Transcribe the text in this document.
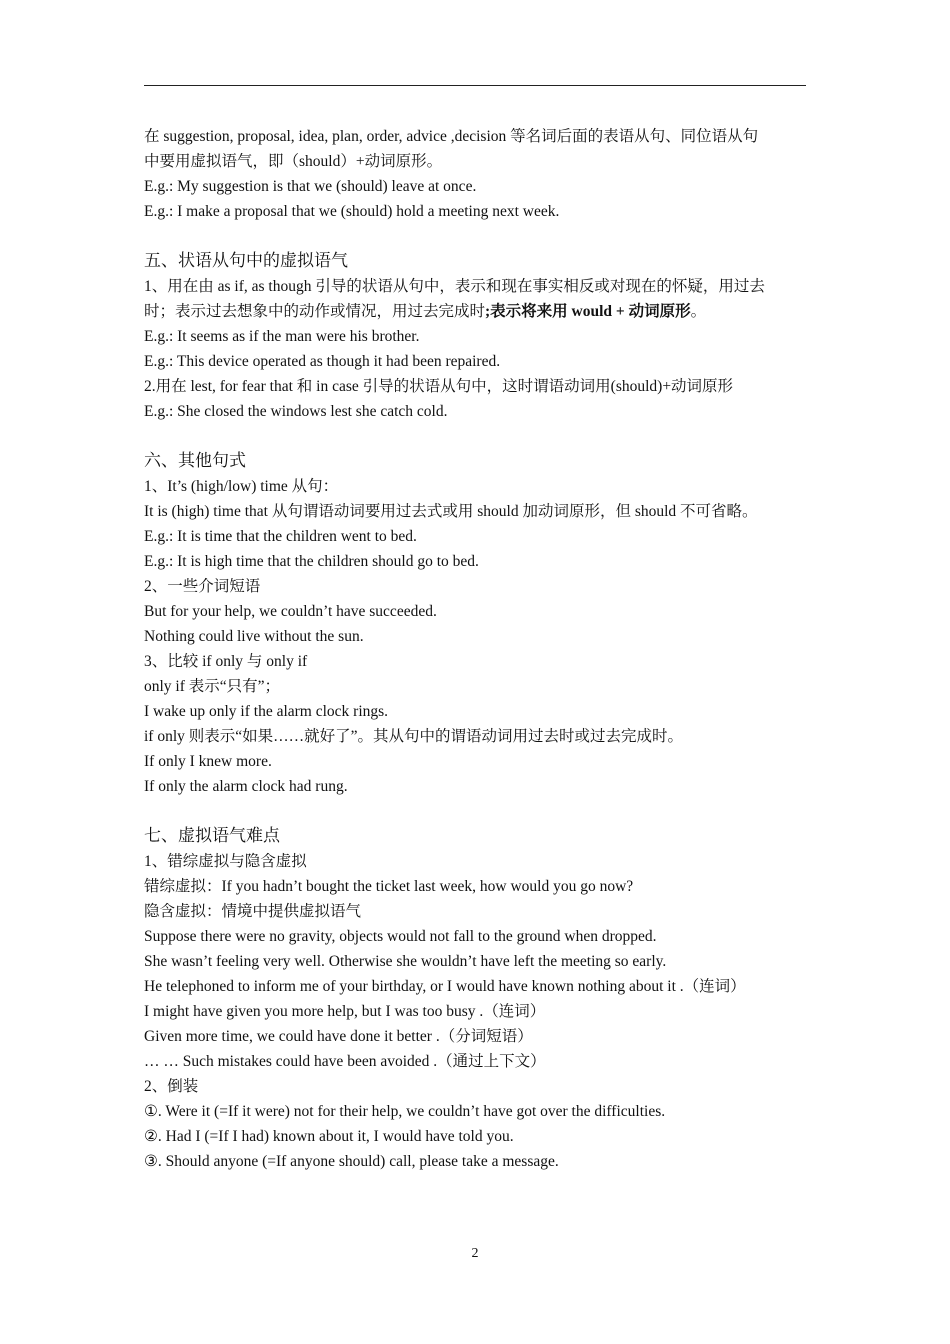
在 suggestion, proposal, idea, plan, order, advice ,decision 等名词后面的表语从句、同位语从句
中要用虚拟语气，即（should）+动词原形。
E.g.: My suggestion is that we (should) leave at once.
E.g.: I make a proposal that we (should) hold a meeting next week.
五、状语从句中的虚拟语气
1、用在由 as if, as though 引导的状语从句中，表示和现在事实相反或对现在的怀疑，用过去
时；表示过去想象中的动作或情况，用过去完成时;表示将来用 would + 动词原形。
E.g.: It seems as if the man were his brother.
E.g.: This device operated as though it had been repaired.
2.用在 lest, for fear that 和 in case 引导的状语从句中，这时谓语动词用(should)+动词原形
E.g.: She closed the windows lest she catch cold.
六、其他句式
1、It’s (high/low) time 从句：
It is (high) time that 从句谓语动词要用过去式或用 should 加动词原形，但 should 不可省略。
E.g.: It is time that the children went to bed.
E.g.: It is high time that the children should go to bed.
2、一些介词短语
But for your help, we couldn’t have succeeded.
Nothing could live without the sun.
3、比较 if only 与 only if
only if 表示“只有”；
I wake up only if the alarm clock rings.
if only 则表示“如果……就好了”。其从句中的谓语动词用过去时或过去完成时。
If only I knew more.
If only the alarm clock had rung.
七、虚拟语气难点
1、错综虚拟与隐含虚拟
错综虚拟：If you hadn’t bought the ticket last week, how would you go now?
隐含虚拟：情境中提供虚拟语气
Suppose there were no gravity, objects would not fall to the ground when dropped.
She wasn’t feeling very well. Otherwise she wouldn’t have left the meeting so early.
He telephoned to inform me of your birthday, or I would have known nothing about it .（连词）
I might have given you more help, but I was too busy .（连词）
Given more time, we could have done it better .（分词短语）
… … Such mistakes could have been avoided .（通过上下文）
2、倒装
①. Were it (=If it were) not for their help, we couldn’t have got over the difficulties.
②. Had I (=If I had) known about it, I would have told you.
③. Should anyone (=If anyone should) call, please take a message.
2
